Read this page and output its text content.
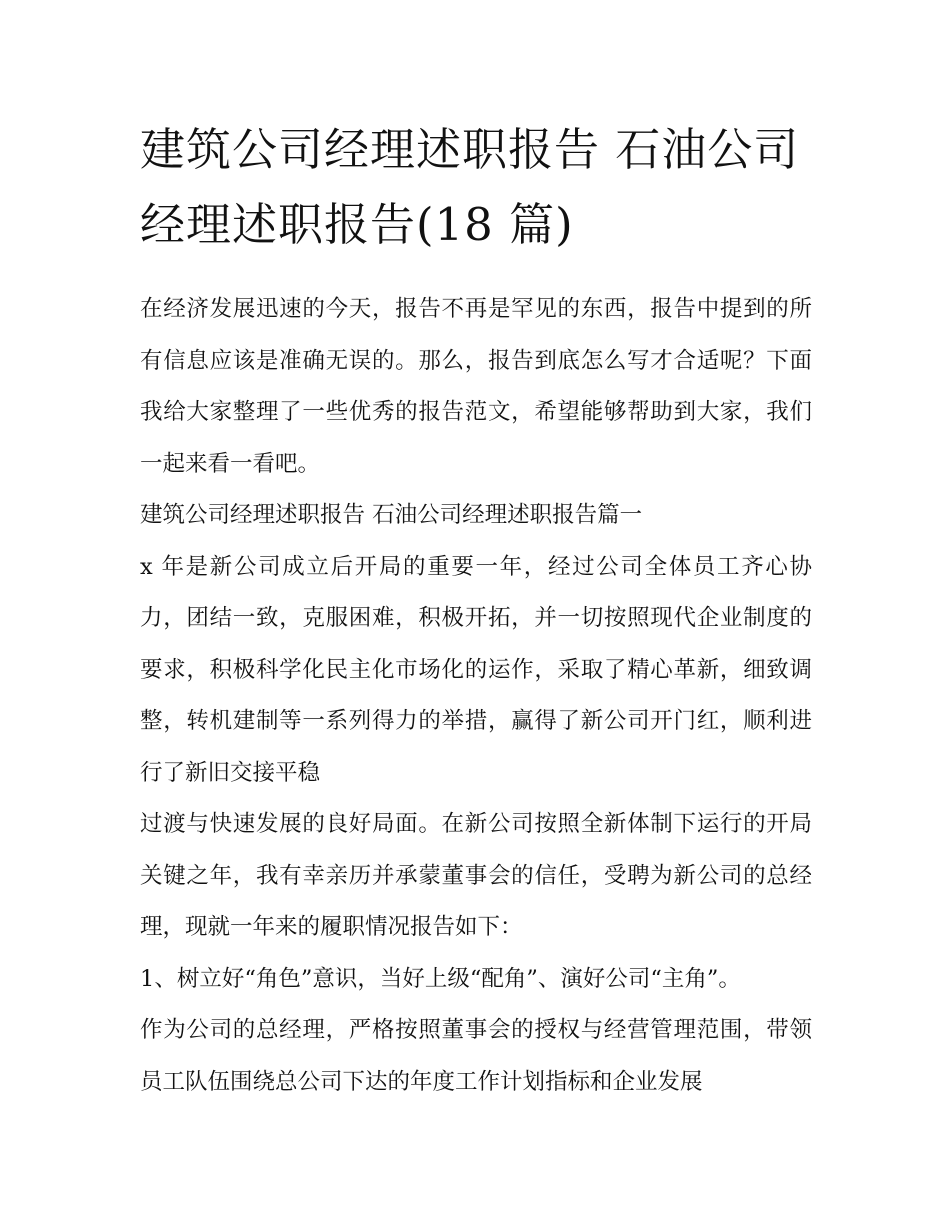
建筑公司经理述职报告 石油公司经理述职报告(18 篇)

在经济发展迅速的今天，报告不再是罕见的东西，报告中提到的所有信息应该是准确无误的。那么，报告到底怎么写才合适呢？下面我给大家整理了一些优秀的报告范文，希望能够帮助到大家，我们一起来看一看吧。

建筑公司经理述职报告 石油公司经理述职报告篇一

x 年是新公司成立后开局的重要一年，经过公司全体员工齐心协力，团结一致，克服困难，积极开拓，并一切按照现代企业制度的要求，积极科学化民主化市场化的运作，采取了精心革新，细致调整，转机建制等一系列得力的举措，赢得了新公司开门红，顺利进行了新旧交接平稳

过渡与快速发展的良好局面。在新公司按照全新体制下运行的开局关键之年，我有幸亲历并承蒙董事会的信任，受聘为新公司的总经理，现就一年来的履职情况报告如下：

1、树立好“角色”意识，当好上级“配角”、演好公司“主角”。

作为公司的总经理，严格按照董事会的授权与经营管理范围，带领员工队伍围绕总公司下达的年度工作计划指标和企业发展
